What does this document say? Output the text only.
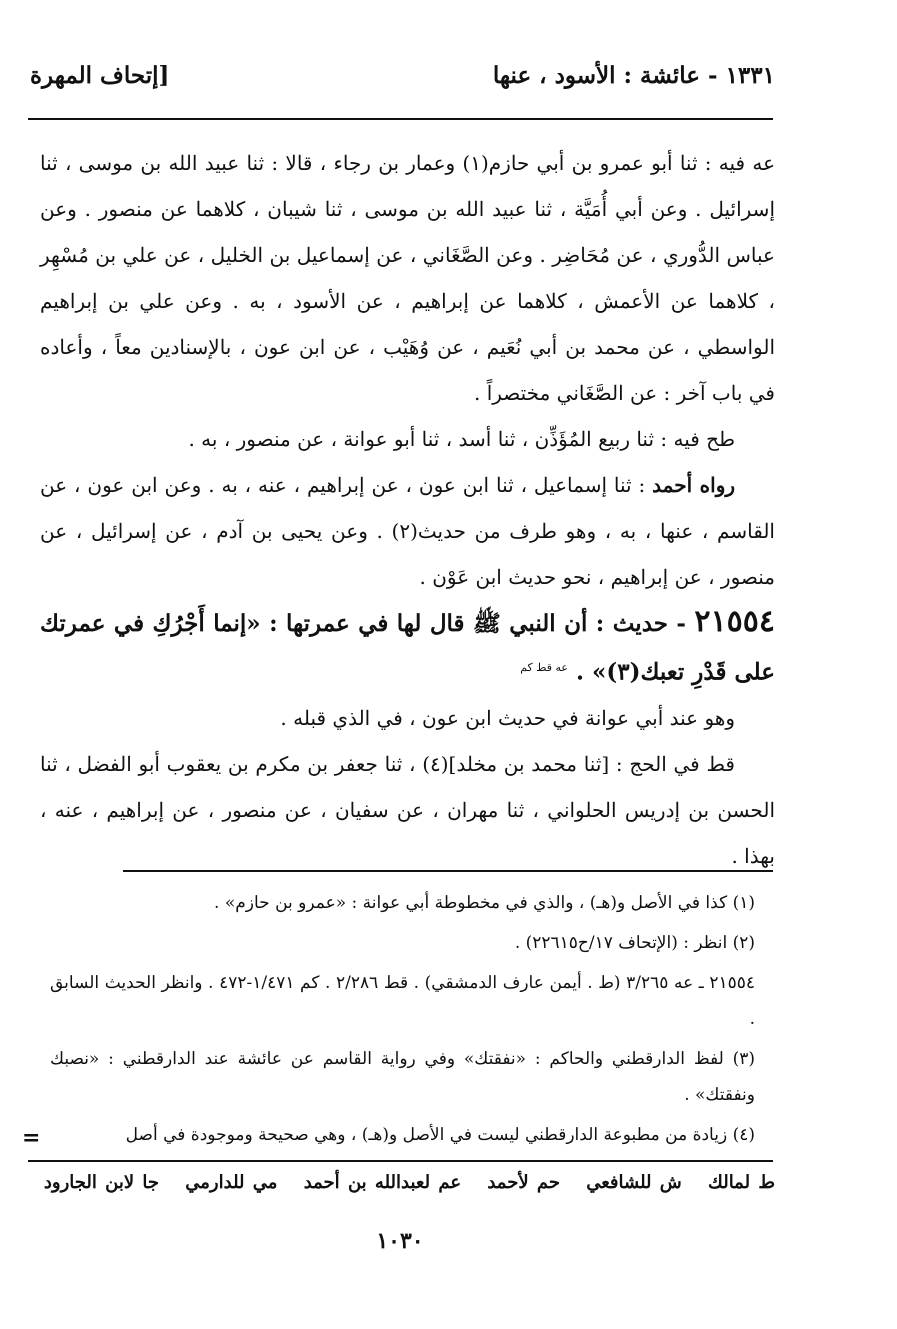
١٣٣١ - عائشة : الأسود ، عنها
[إتحاف المهرة

عه فيه : ثنا أبو عمرو بن أبي حازم(١) وعمار بن رجاء ، قالا : ثنا عبيد الله بن موسى ، ثنا إسرائيل . وعن أبي أُمَيَّة ، ثنا عبيد الله بن موسى ، ثنا شيبان ، كلاهما عن منصور . وعن عباس الدُّوري ، عن مُحَاضِر . وعن الصَّغَاني ، عن إسماعيل بن الخليل ، عن علي بن مُسْهِر ، كلاهما عن الأعمش ، كلاهما عن إبراهيم ، عن الأسود ، به . وعن علي بن إبراهيم الواسطي ، عن محمد بن أبي نُعَيم ، عن وُهَيْب ، عن ابن عون ، بالإسنادين معاً ، وأعاده في باب آخر : عن الصَّغَاني مختصراً .

طح فيه : ثنا ربيع المُؤَذِّن ، ثنا أسد ، ثنا أبو عوانة ، عن منصور ، به .

رواه أحمد : ثنا إسماعيل ، ثنا ابن عون ، عن إبراهيم ، عنه ، به . وعن ابن عون ، عن القاسم ، عنها ، به ، وهو طرف من حديث(٢) . وعن يحيى بن آدم ، عن إسرائيل ، عن منصور ، عن إبراهيم ، نحو حديث ابن عَوْن .

٢١٥٥٤ - حديث : أن النبي ﷺ قال لها في عمرتها : «إنما أَجْرُكِ في عمرتك على قَدْرِ تعبك(٣)» . $^{عه قط كم}$

وهو عند أبي عوانة في حديث ابن عون ، في الذي قبله .

قط في الحج : [ثنا محمد بن مخلد](٤) ، ثنا جعفر بن مكرم بن يعقوب أبو الفضل ، ثنا الحسن بن إدريس الحلواني ، ثنا مهران ، عن سفيان ، عن منصور ، عن إبراهيم ، عنه ، بهذا .

(١) كذا في الأصل و(هـ) ، والذي في مخطوطة أبي عوانة : «عمرو بن حازم» .

(٢) انظر : (الإتحاف ١٧/ح٢٢٦١٥) .

٢١٥٥٤ ـ عه ٣/٢٦٥ (ط . أيمن عارف الدمشقي) . قط ٢/٢٨٦ . كم ١/٤٧١-٤٧٢ . وانظر الحديث السابق .

(٣) لفظ الدارقطني والحاكم : «نفقتك» وفي رواية القاسم عن عائشة عند الدارقطني : «نصبك ونفقتك» .

(٤) زيادة من مطبوعة الدارقطني ليست في الأصل و(هـ) ، وهي صحيحة وموجودة في أصل

=
ط لمالك ش للشافعي حم لأحمد عم لعبدالله بن أحمد مي للدارمي جا لابن الجارود
١٠٣٠
